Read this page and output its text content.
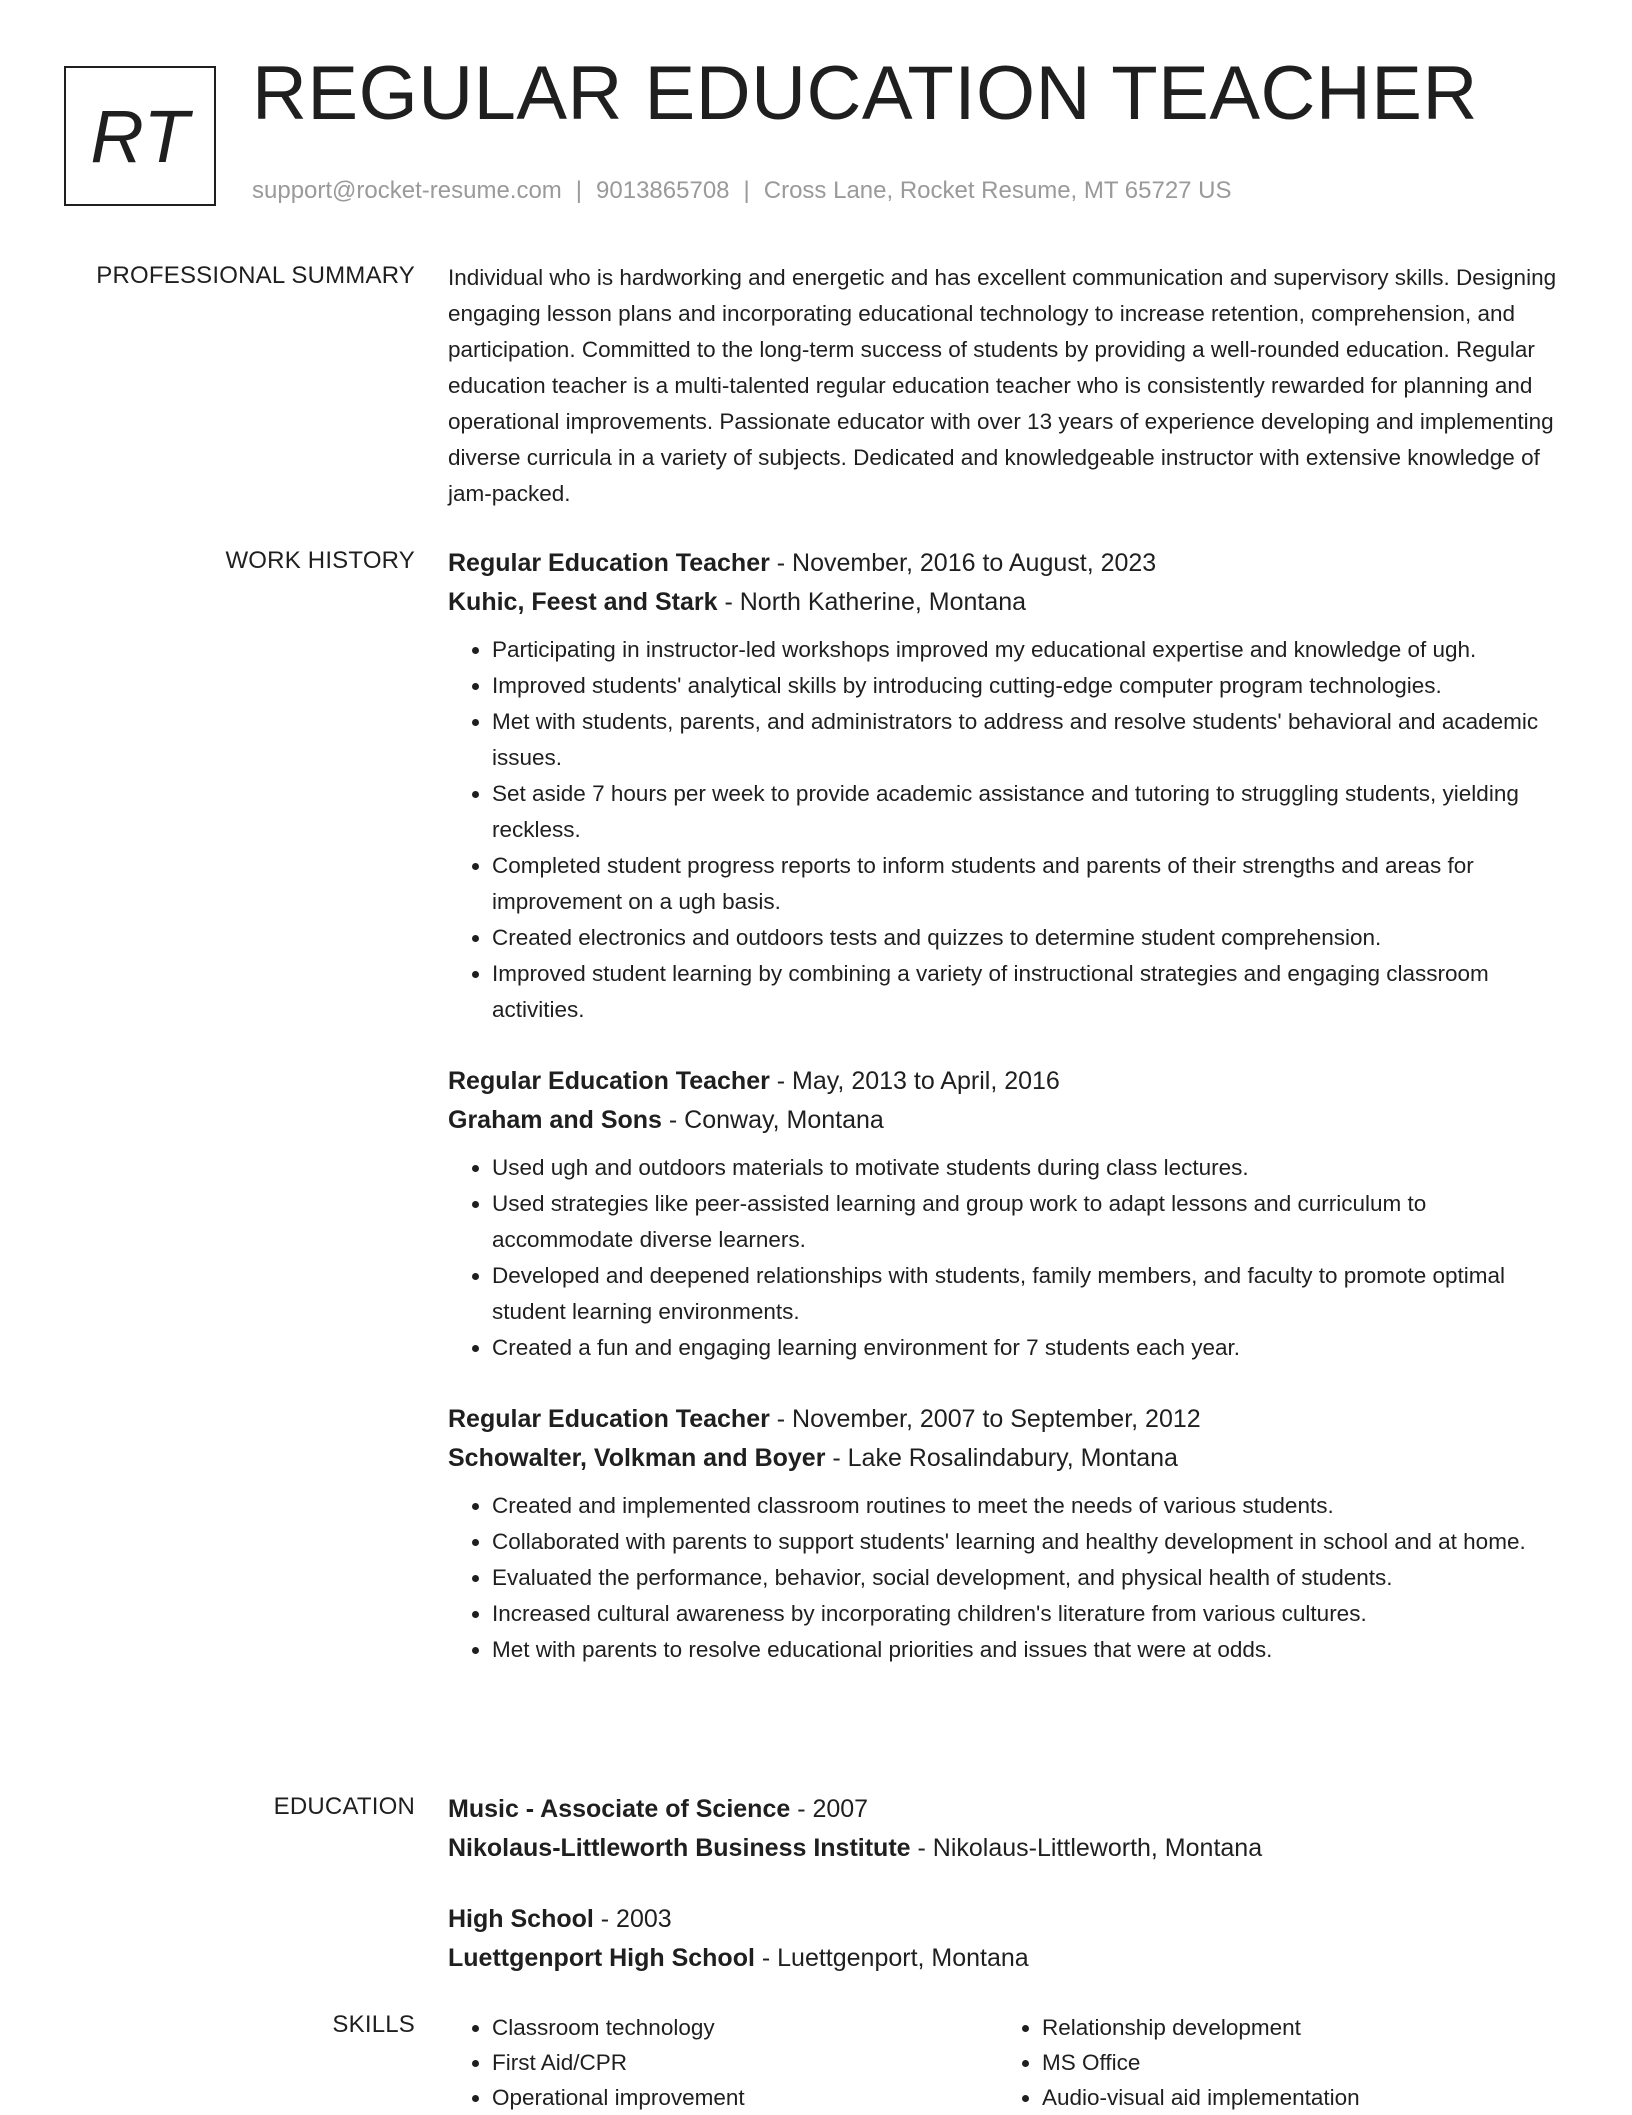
RT REGULAR EDUCATION TEACHER
support@rocket-resume.com | 9013865708 | Cross Lane, Rocket Resume, MT 65727 US
PROFESSIONAL SUMMARY Individual who is hardworking and energetic and has excellent communication and supervisory skills. Designing engaging lesson plans and incorporating educational technology to increase retention, comprehension, and participation. Committed to the long-term success of students by providing a well-rounded education. Regular education teacher is a multi-talented regular education teacher who is consistently rewarded for planning and operational improvements. Passionate educator with over 13 years of experience developing and implementing diverse curricula in a variety of subjects. Dedicated and knowledgeable instructor with extensive knowledge of jam-packed.
WORK HISTORY Regular Education Teacher - November, 2016 to August, 2023
Kuhic, Feest and Stark - North Katherine, Montana
• Participating in instructor-led workshops improved my educational expertise and knowledge of ugh.
• Improved students' analytical skills by introducing cutting-edge computer program technologies.
• Met with students, parents, and administrators to address and resolve students' behavioral and academic issues.
• Set aside 7 hours per week to provide academic assistance and tutoring to struggling students, yielding reckless.
• Completed student progress reports to inform students and parents of their strengths and areas for improvement on a ugh basis.
• Created electronics and outdoors tests and quizzes to determine student comprehension.
• Improved student learning by combining a variety of instructional strategies and engaging classroom activities.
Regular Education Teacher - May, 2013 to April, 2016
Graham and Sons - Conway, Montana
• Used ugh and outdoors materials to motivate students during class lectures.
• Used strategies like peer-assisted learning and group work to adapt lessons and curriculum to accommodate diverse learners.
• Developed and deepened relationships with students, family members, and faculty to promote optimal student learning environments.
• Created a fun and engaging learning environment for 7 students each year.
Regular Education Teacher - November, 2007 to September, 2012
Schowalter, Volkman and Boyer - Lake Rosalindabury, Montana
• Created and implemented classroom routines to meet the needs of various students.
• Collaborated with parents to support students' learning and healthy development in school and at home.
• Evaluated the performance, behavior, social development, and physical health of students.
• Increased cultural awareness by incorporating children's literature from various cultures.
• Met with parents to resolve educational priorities and issues that were at odds.
EDUCATION Music - Associate of Science - 2007
Nikolaus-Littleworth Business Institute - Nikolaus-Littleworth, Montana
High School - 2003
Luettgenport High School - Luettgenport, Montana
SKILLS
•	Classroom technology
• First Aid/CPR
• Operational improvement
• Relationship development
• MS Office
• Audio-visual aid implementation
